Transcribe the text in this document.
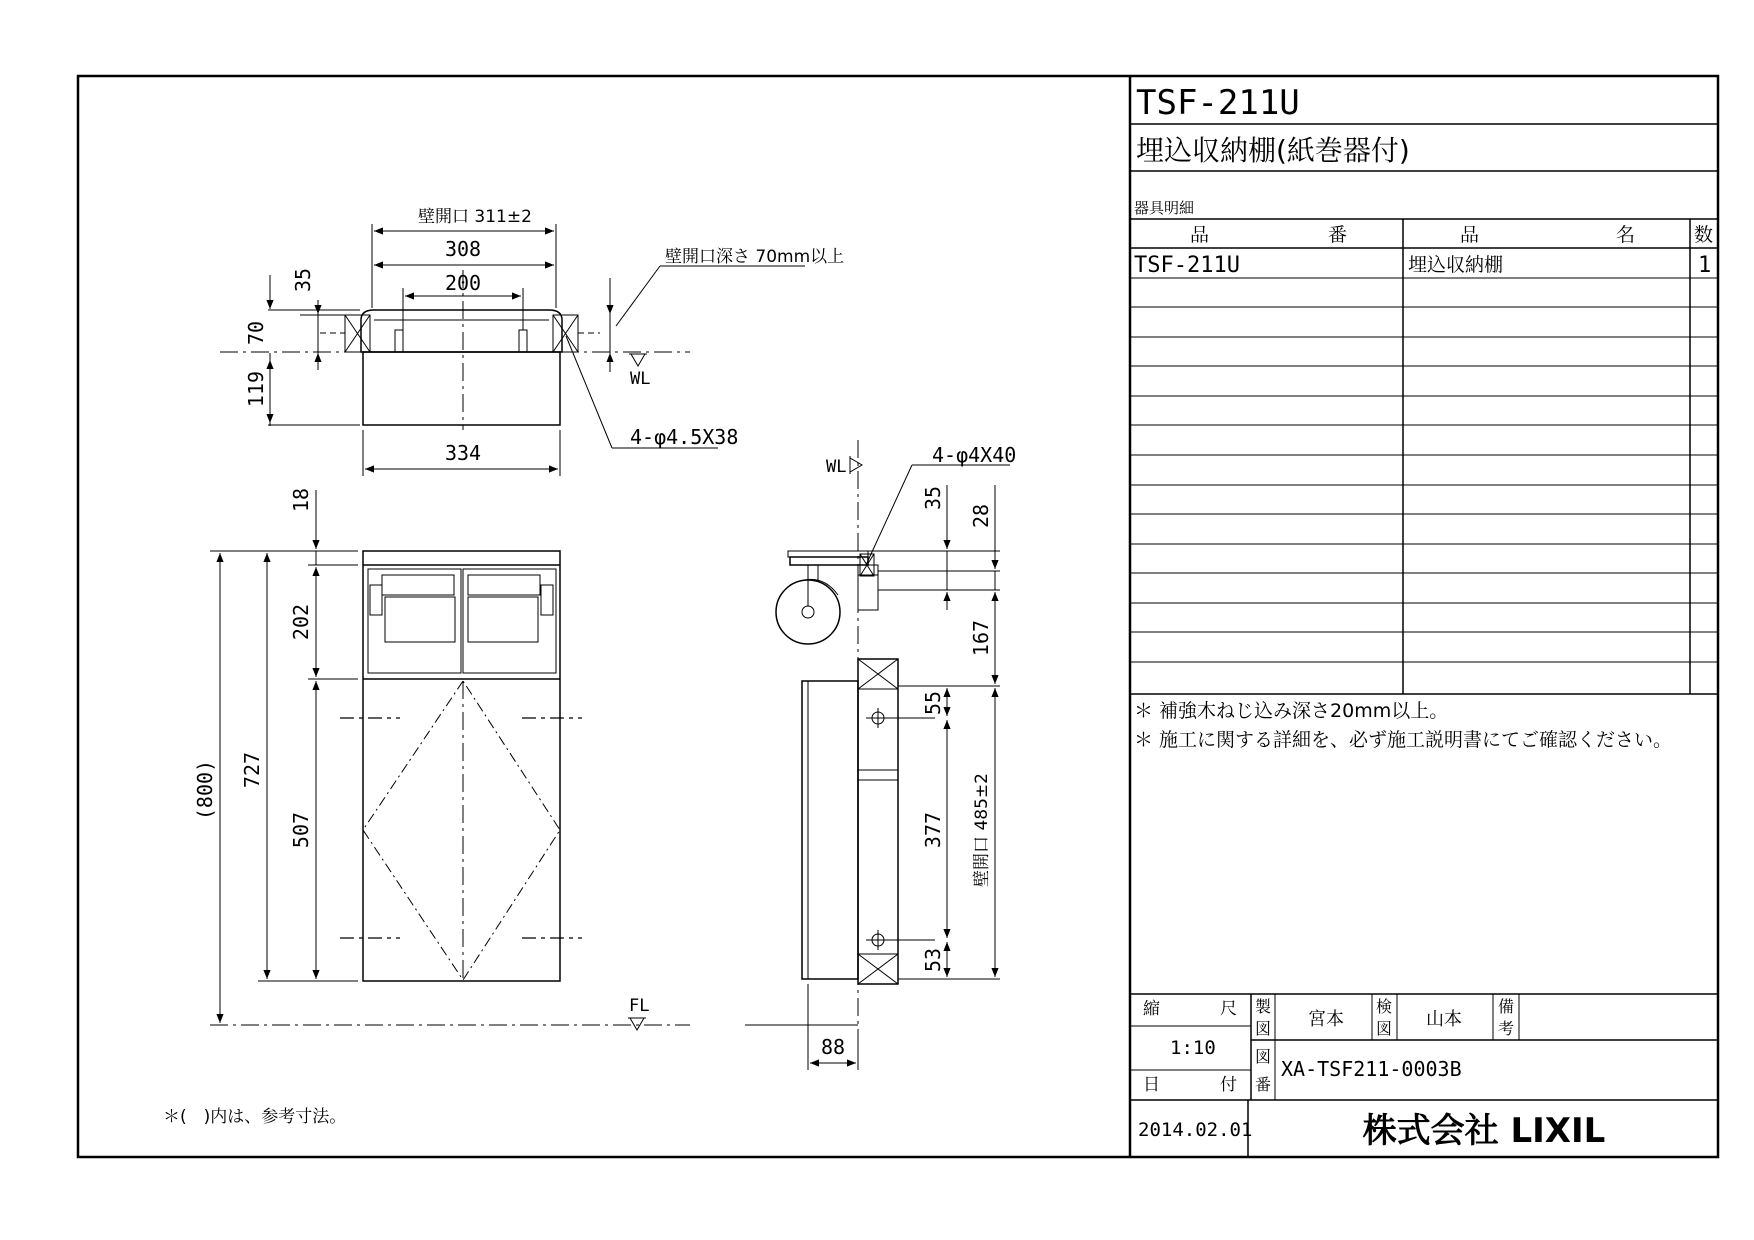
TSF-211U
埋込収納棚(紙巻器付)
器具明細
品	番	品	名	数
TSF-211U	埋込収納棚	1
＊ 補強木ねじ込み深さ20mm以上。
＊ 施工に関する詳細を、必ず施工説明書にてご確認ください。
縮	尺
1:10
日	付
2014.02.01
製
図 宮本
検
図 山本
備
考
図
番
XA-TSF211-0003B
株式会社 LIXIL
壁開口 311±2
308
200
壁開口深さ 70mm以上
35
70
119	WL
4-φ4.5X38
334
18
202
(800) 727
507
FL
WL	4-φ4X40
35
28
167
55
377 壁開口 485±2
53
88
＊(　)内は、参考寸法。
